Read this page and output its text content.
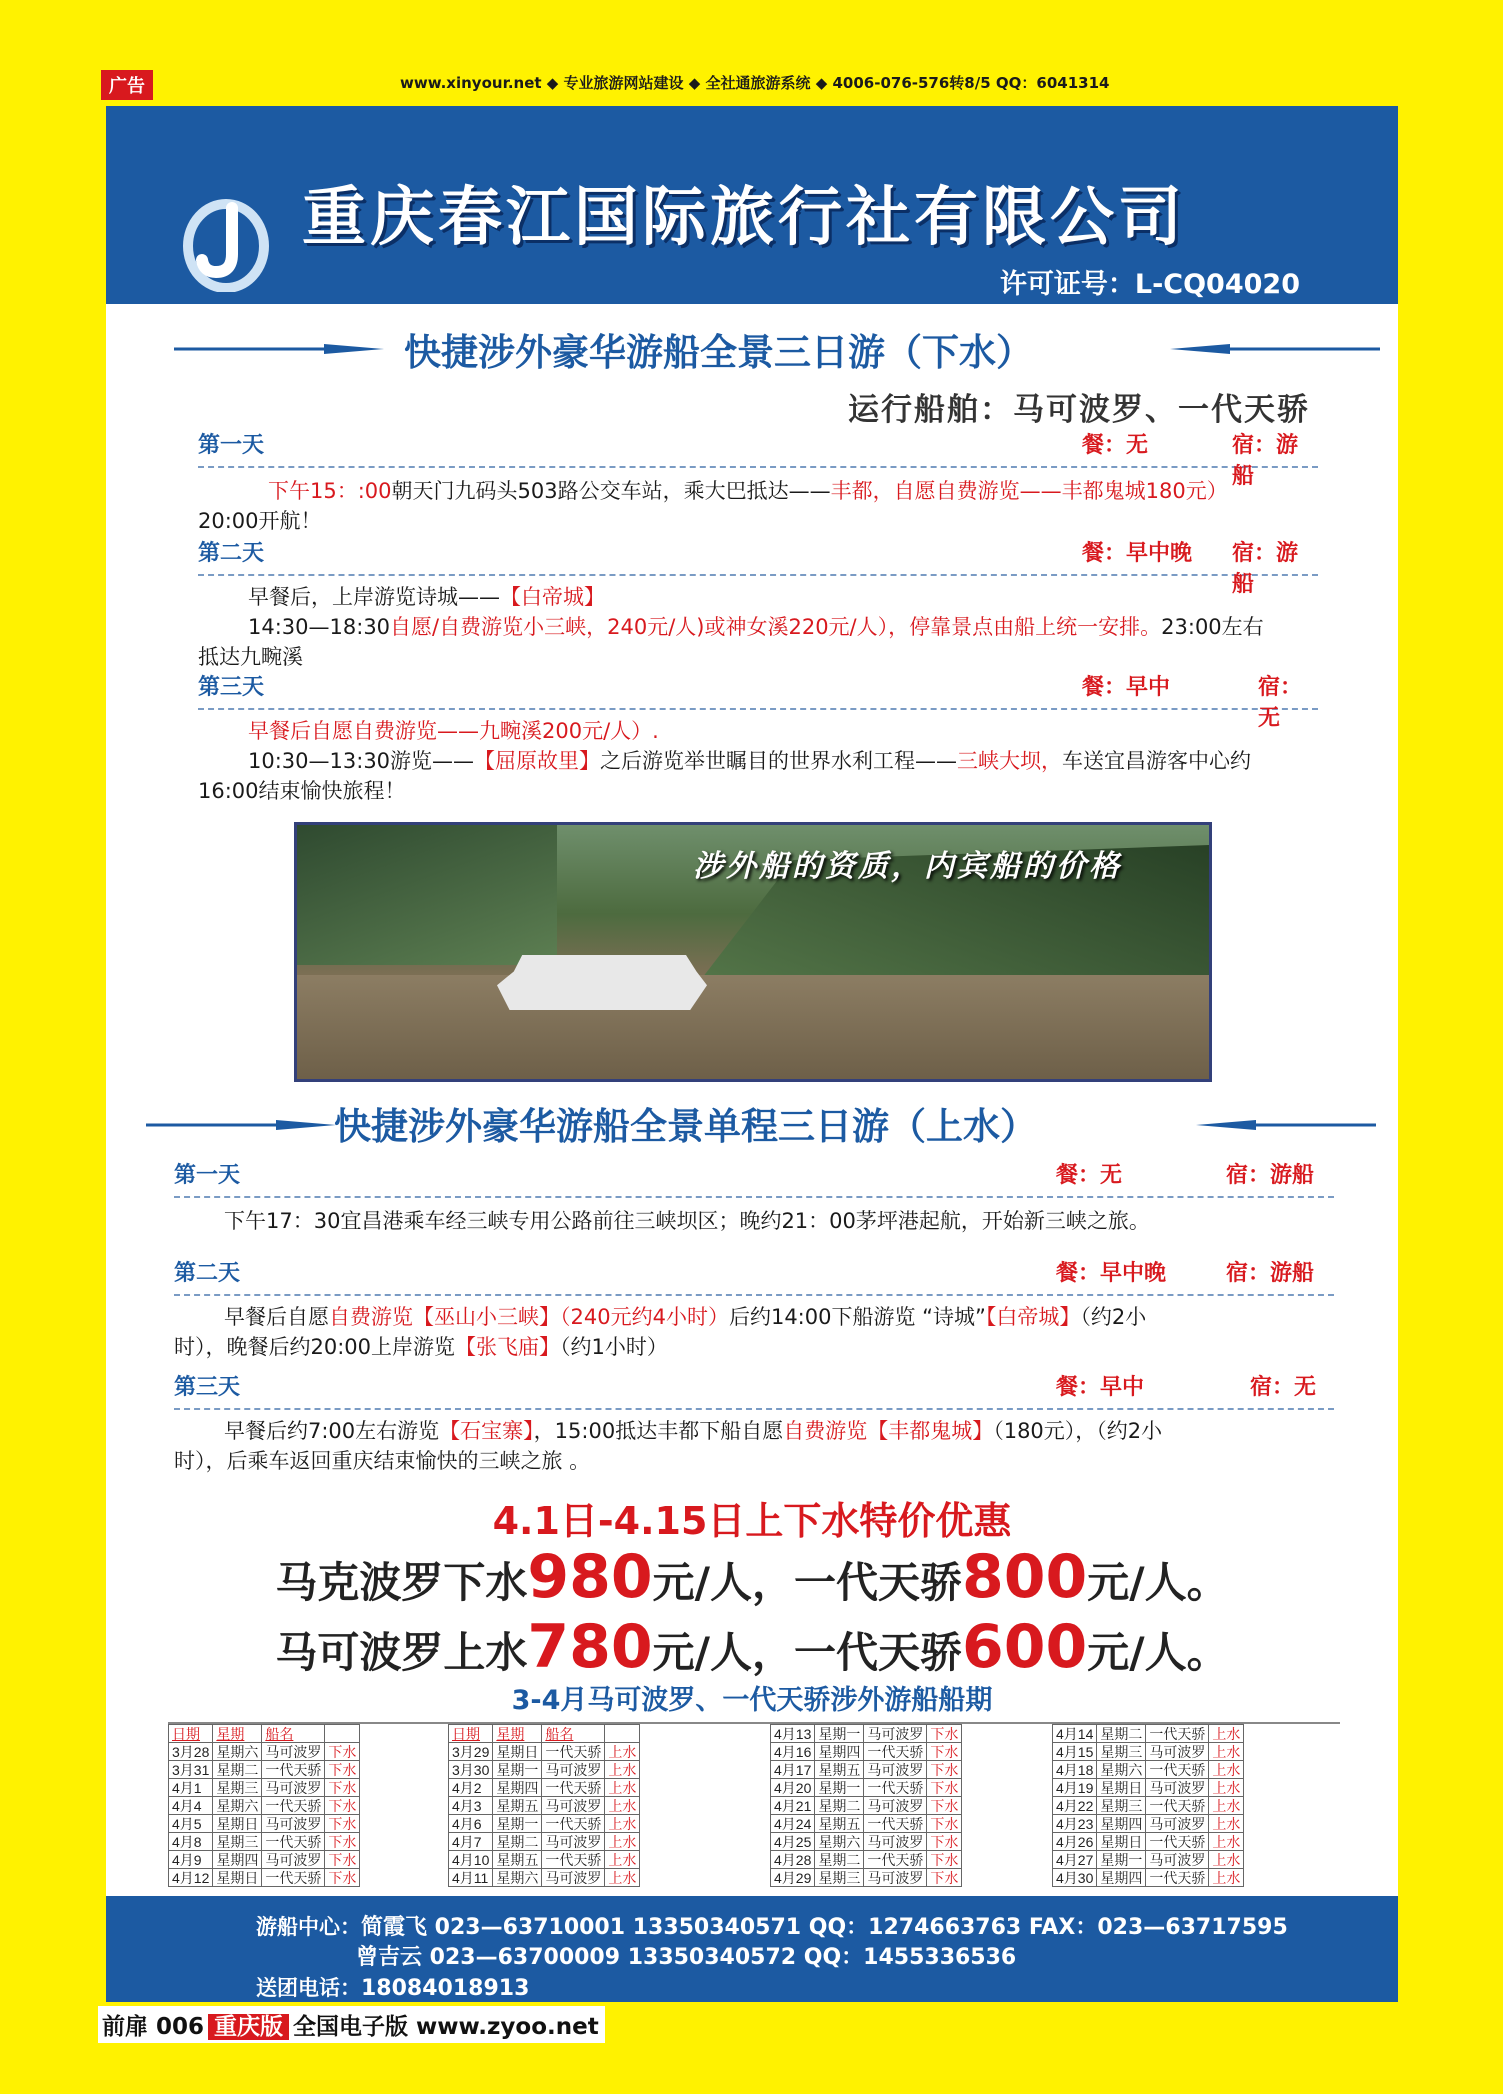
广告	www.xinyour.net ◆ 专业旅游网站建设 ◆ 全社通旅游系统 ◆ 4006-076-576转8/5 QQ：6041314
重庆春江国际旅行社有限公司
许可证号：L-CQ04020
快捷涉外豪华游船全景三日游（下水）
运行船舶：马可波罗、一代天骄
第一天	餐：无	宿：游船
下午15：:00朝天门九码头503路公交车站，乘大巴抵达——丰都，自愿自费游览——丰都鬼城180元）
20:00开航！
第二天	餐：早中晚 宿：游船
早餐后，上岸游览诗城——【白帝城】
14:30—18:30自愿/自费游览小三峡，240元/人)或神女溪220元/人），停靠景点由船上统一安排。23:00左右
抵达九畹溪
第三天	餐：早中	宿：无
早餐后自愿自费游览——九畹溪200元/人）.
10:30—13:30游览——【屈原故里】之后游览举世瞩目的世界水利工程——三峡大坝，车送宜昌游客中心约
16:00结束愉快旅程！
涉外船的资质，内宾船的价格
快捷涉外豪华游船全景单程三日游（上水）
第一天	餐：无	宿：游船
下午17：30宜昌港乘车经三峡专用公路前往三峡坝区；晚约21：00茅坪港起航，开始新三峡之旅。
第二天	餐：早中晚	宿：游船
早餐后自愿自费游览【巫山小三峡】（240元约4小时）后约14:00下船游览 “诗城”【白帝城】（约2小
时），晚餐后约20:00上岸游览【张飞庙】（约1小时）
第三天	餐：早中	宿：无
早餐后约7:00左右游览【石宝寨】，15:00抵达丰都下船自愿自费游览【丰都鬼城】（180元），（约2小
时），后乘车返回重庆结束愉快的三峡之旅 。
4.1日-4.15日上下水特价优惠
马克波罗下水980元/人，一代天骄800元/人。
马可波罗上水780元/人，一代天骄600元/人。
3-4月马可波罗、一代天骄涉外游船船期
日期	星期	船名	
3月28	星期六	马可波罗	下水
3月31	星期二	一代天骄	下水
4月1	星期三	马可波罗	下水
4月4	星期六	一代天骄	下水
4月5	星期日	马可波罗	下水
4月8	星期三	一代天骄	下水
4月9	星期四	马可波罗	下水
4月12	星期日	一代天骄	下水
日期	星期	船名	
3月29	星期日	一代天骄	上水
3月30	星期一	马可波罗	上水
4月2	星期四	一代天骄	上水
4月3	星期五	马可波罗	上水
4月6	星期一	一代天骄	上水
4月7	星期二	马可波罗	上水
4月10	星期五	一代天骄	上水
4月11	星期六	马可波罗	上水
4月13	星期一	马可波罗	下水
4月16	星期四	一代天骄	下水
4月17	星期五	马可波罗	下水
4月20	星期一	一代天骄	下水
4月21	星期二	马可波罗	下水
4月24	星期五	一代天骄	下水
4月25	星期六	马可波罗	下水
4月28	星期二	一代天骄	下水
4月29	星期三	马可波罗	下水
4月14	星期二	一代天骄	上水
4月15	星期三	马可波罗	上水
4月18	星期六	一代天骄	上水
4月19	星期日	马可波罗	上水
4月22	星期三	一代天骄	上水
4月23	星期四	马可波罗	上水
4月26	星期日	一代天骄	上水
4月27	星期一	马可波罗	上水
4月30	星期四	一代天骄	上水
游船中心：简霞飞 023—63710001 13350340571 QQ：1274663763 FAX：023—63717595
曾吉云 023—63700009 13350340572 QQ：1455336536
送团电话：18084018913
前扉 006 重庆版 全国电子版 www.zyoo.net
